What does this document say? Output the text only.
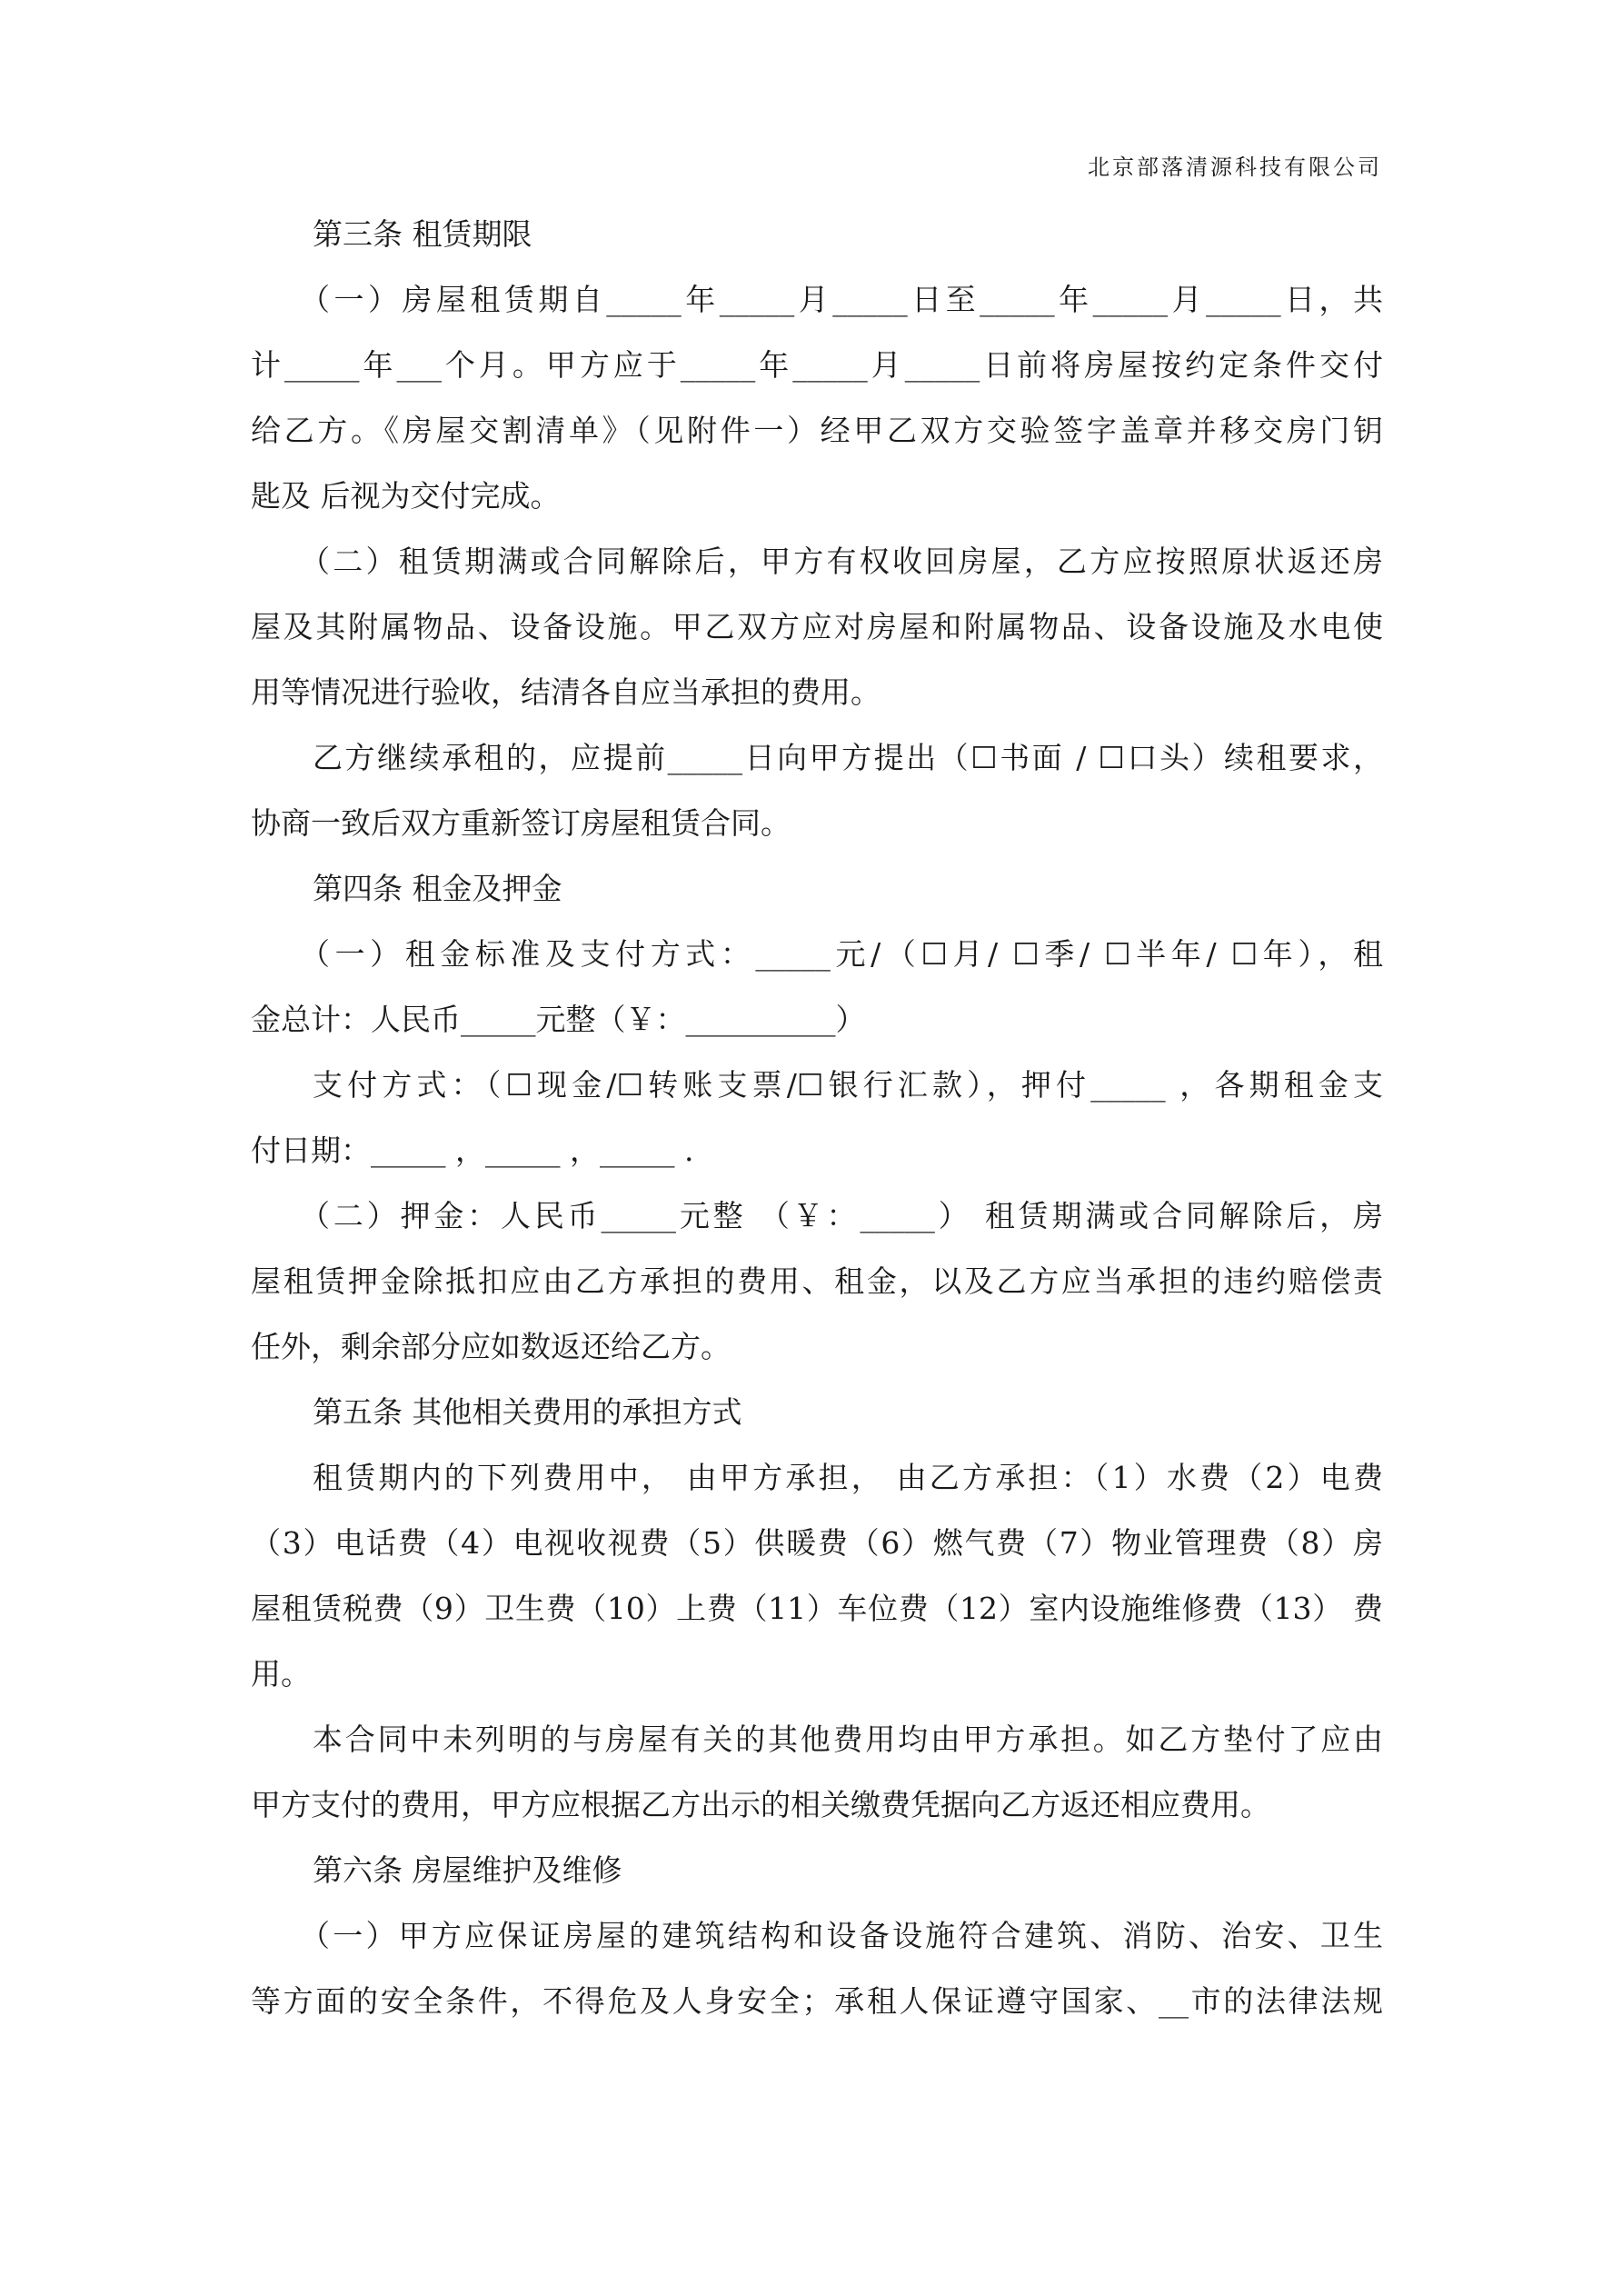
北京部落清源科技有限公司

第三条 租赁期限

（一）房屋租赁期自_____年_____月_____日至_____年_____月_____日，共

计_____年___个月。甲方应于_____年_____月_____日前将房屋按约定条件交付

给乙方。《房屋交割清单》（见附件一）经甲乙双方交验签字盖章并移交房门钥

匙及 后视为交付完成。

（二）租赁期满或合同解除后，甲方有权收回房屋，乙方应按照原状返还房

屋及其附属物品、设备设施。甲乙双方应对房屋和附属物品、设备设施及水电使

用等情况进行验收，结清各自应当承担的费用。

乙方继续承租的，应提前_____日向甲方提出（☐书面 / ☐口头）续租要求，

协商一致后双方重新签订房屋租赁合同。

第四条 租金及押金

（一）租金标准及支付方式：_____元/（☐月/ ☐季/ ☐半年/ ☐年），租

金总计：人民币_____元整（￥：__________）

支付方式：（☐现金/☐转账支票/☐银行汇款），押付_____ ，各期租金支

付日期：_____ ，_____ ，_____ .

（二）押金：人民币_____元整 （￥：_____） 租赁期满或合同解除后，房

屋租赁押金除抵扣应由乙方承担的费用、租金，以及乙方应当承担的违约赔偿责

任外，剩余部分应如数返还给乙方。

第五条 其他相关费用的承担方式

租赁期内的下列费用中， 由甲方承担， 由乙方承担：（1）水费（2）电费

（3）电话费（4）电视收视费（5）供暖费（6）燃气费（7）物业管理费（8）房

屋租赁税费（9）卫生费（10）上费（11）车位费（12）室内设施维修费（13） 费

用。

本合同中未列明的与房屋有关的其他费用均由甲方承担。如乙方垫付了应由

甲方支付的费用，甲方应根据乙方出示的相关缴费凭据向乙方返还相应费用。

第六条 房屋维护及维修

（一）甲方应保证房屋的建筑结构和设备设施符合建筑、消防、治安、卫生

等方面的安全条件，不得危及人身安全；承租人保证遵守国家、__市的法律法规
